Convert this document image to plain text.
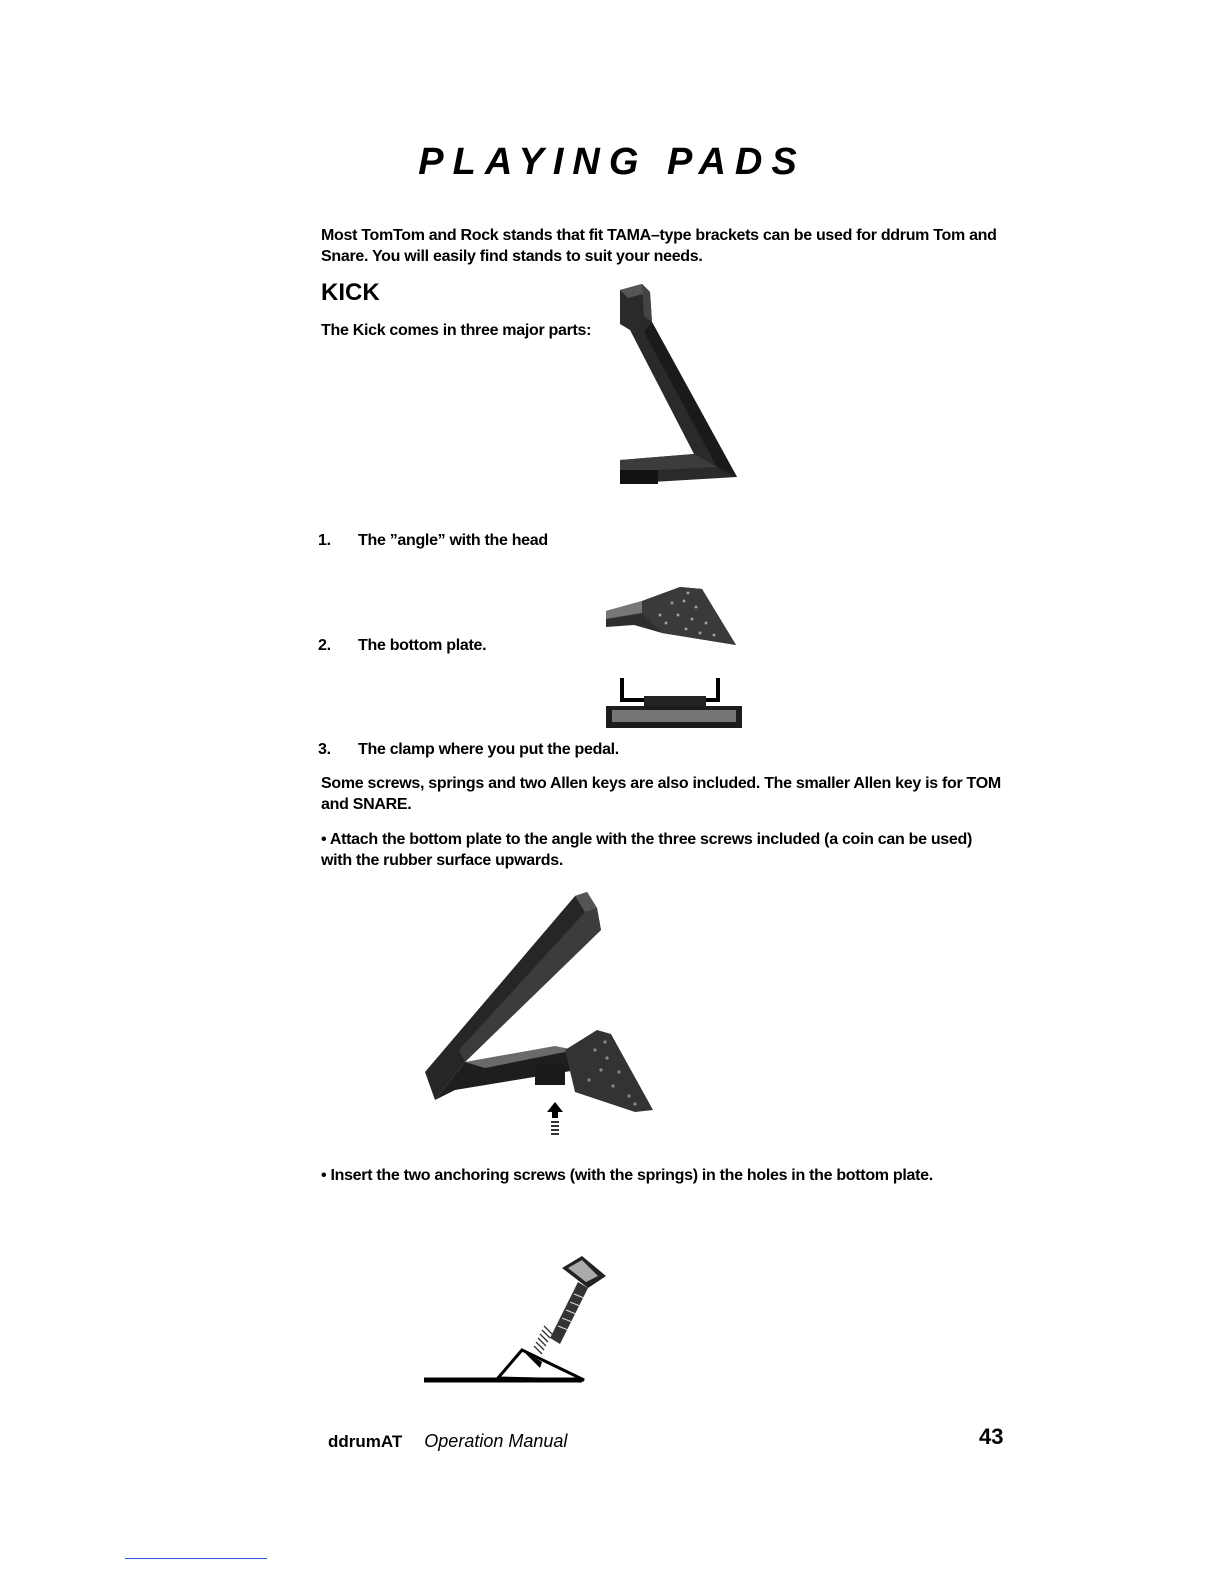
PLAYING PADS
Most TomTom and Rock stands that fit TAMA–type brackets can be used for ddrum Tom and Snare. You will easily find stands to suit your needs.
KICK
The Kick comes in three major parts:
1. The ”angle” with the head
2. The bottom plate.
3. The clamp where you put the pedal.
Some screws, springs and two Allen keys are also included. The smaller Allen key is for TOM and SNARE.
• Attach the bottom plate to the angle with the three screws included (a coin can be used) with the rubber surface upwards.
• Insert the two anchoring screws (with the springs) in the holes in the bottom plate.
ddrumAT Operation Manual	43
